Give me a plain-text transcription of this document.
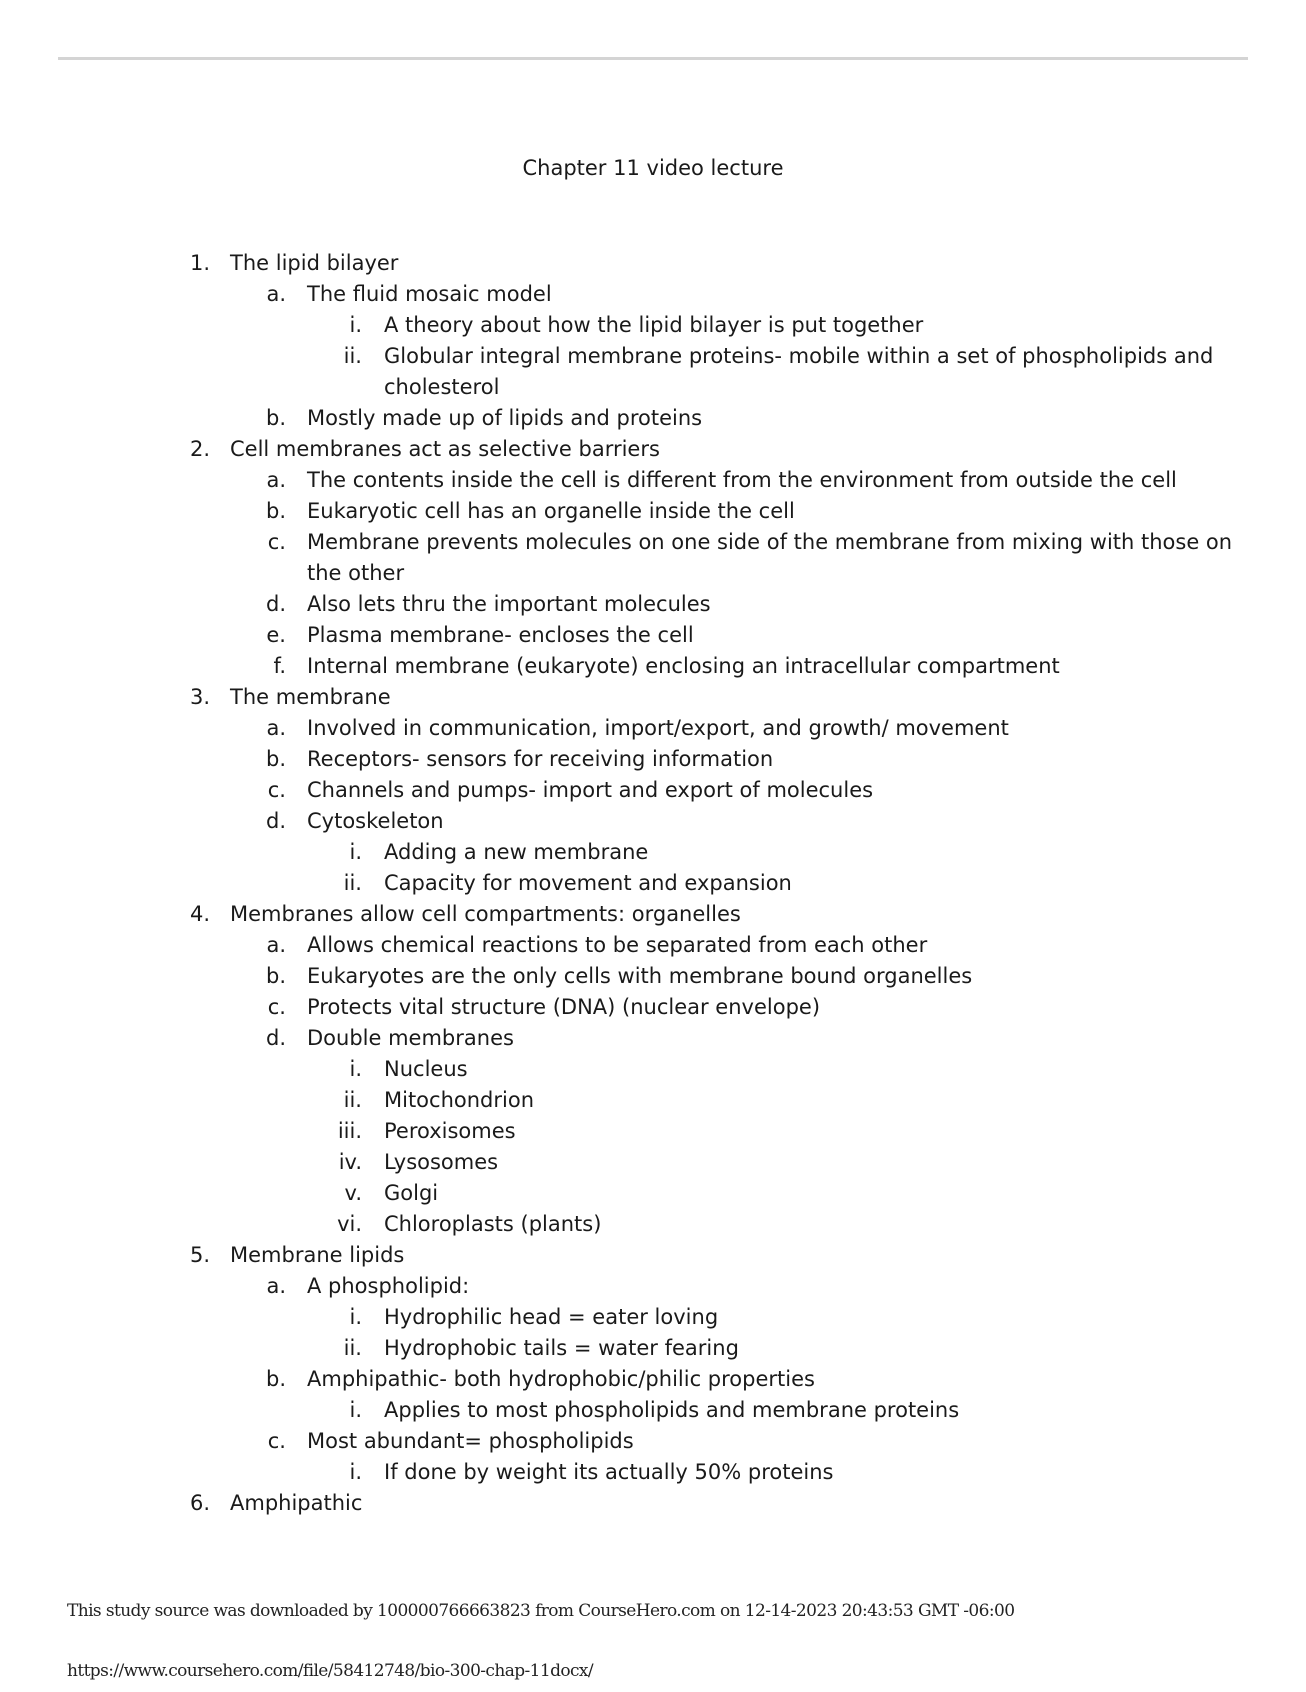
Chapter 11 video lecture
1. The lipid bilayer
a. The fluid mosaic model
i. A theory about how the lipid bilayer is put together
ii. Globular integral membrane proteins- mobile within a set of phospholipids and
cholesterol
b. Mostly made up of lipids and proteins
2. Cell membranes act as selective barriers
a. The contents inside the cell is different from the environment from outside the cell
b. Eukaryotic cell has an organelle inside the cell
c. Membrane prevents molecules on one side of the membrane from mixing with those on
the other
d. Also lets thru the important molecules
e. Plasma membrane- encloses the cell
f. Internal membrane (eukaryote) enclosing an intracellular compartment
3. The membrane
a. Involved in communication, import/export, and growth/ movement
b. Receptors- sensors for receiving information
c. Channels and pumps- import and export of molecules
d. Cytoskeleton
i. Adding a new membrane
ii. Capacity for movement and expansion
4. Membranes allow cell compartments: organelles
a. Allows chemical reactions to be separated from each other
b. Eukaryotes are the only cells with membrane bound organelles
c. Protects vital structure (DNA) (nuclear envelope)
d. Double membranes
i. Nucleus
ii. Mitochondrion
iii. Peroxisomes
iv. Lysosomes
v. Golgi
vi. Chloroplasts (plants)
5. Membrane lipids
a. A phospholipid:
i. Hydrophilic head = eater loving
ii. Hydrophobic tails = water fearing
b. Amphipathic- both hydrophobic/philic properties
i. Applies to most phospholipids and membrane proteins
c. Most abundant= phospholipids
i. If done by weight its actually 50% proteins
6. Amphipathic
This study source was downloaded by 100000766663823 from CourseHero.com on 12-14-2023 20:43:53 GMT -06:00
https://www.coursehero.com/file/58412748/bio-300-chap-11docx/
